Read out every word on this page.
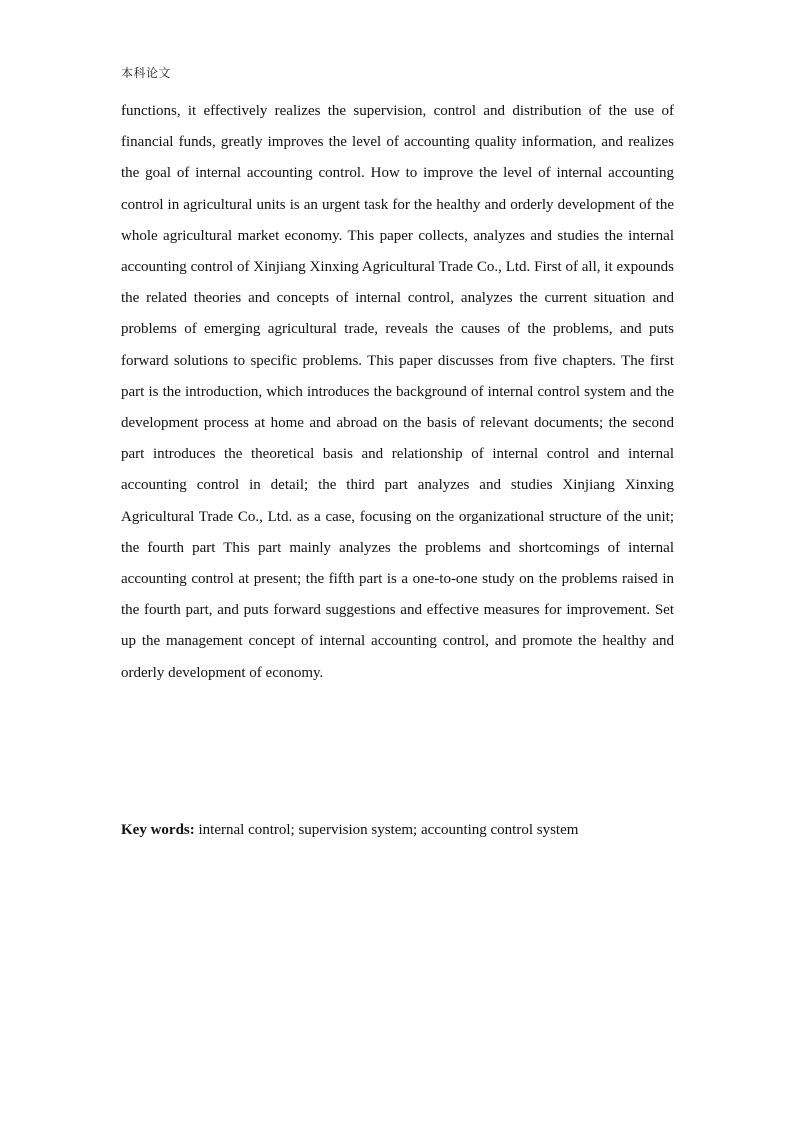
本科论文

functions, it effectively realizes the supervision, control and distribution of the use of financial funds, greatly improves the level of accounting quality information, and realizes the goal of internal accounting control. How to improve the level of internal accounting control in agricultural units is an urgent task for the healthy and orderly development of the whole agricultural market economy. This paper collects, analyzes and studies the internal accounting control of Xinjiang Xinxing Agricultural Trade Co., Ltd. First of all, it expounds the related theories and concepts of internal control, analyzes the current situation and problems of emerging agricultural trade, reveals the causes of the problems, and puts forward solutions to specific problems. This paper discusses from five chapters. The first part is the introduction, which introduces the background of internal control system and the development process at home and abroad on the basis of relevant documents; the second part introduces the theoretical basis and relationship of internal control and internal accounting control in detail; the third part analyzes and studies Xinjiang Xinxing Agricultural Trade Co., Ltd. as a case, focusing on the organizational structure of the unit; the fourth part This part mainly analyzes the problems and shortcomings of internal accounting control at present; the fifth part is a one-to-one study on the problems raised in the fourth part, and puts forward suggestions and effective measures for improvement. Set up the management concept of internal accounting control, and promote the healthy and orderly development of economy.

Key words: internal control; supervision system; accounting control system
